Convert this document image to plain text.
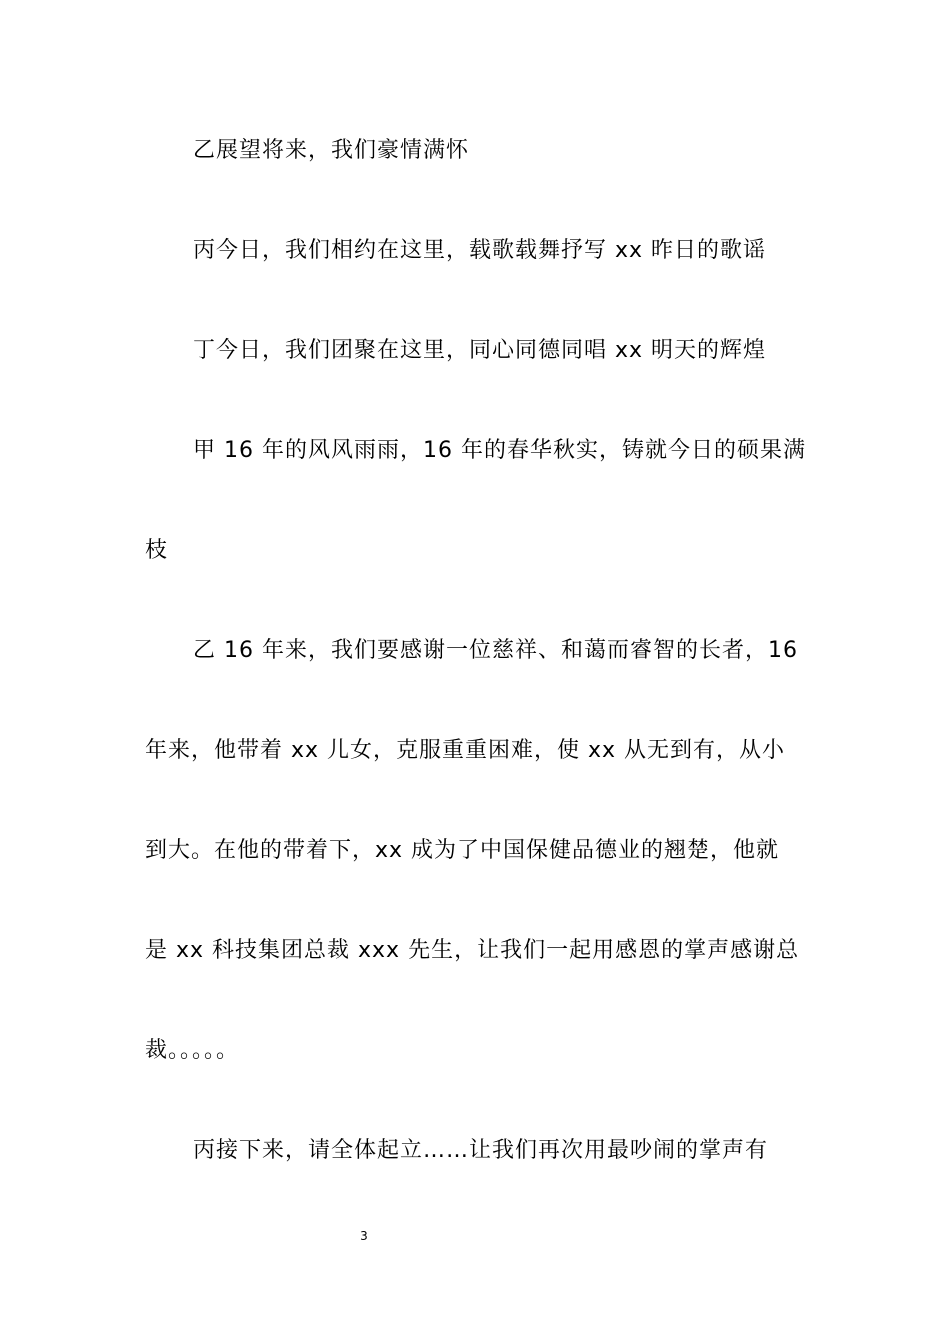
乙展望将来，我们豪情满怀
丙今日，我们相约在这里，载歌载舞抒写 xx 昨日的歌谣
丁今日，我们团聚在这里，同心同德同唱 xx 明天的辉煌
甲 16 年的风风雨雨，16 年的春华秋实，铸就今日的硕果满
枝
乙 16 年来，我们要感谢一位慈祥、和蔼而睿智的长者，16
年来，他带着 xx 儿女，克服重重困难，使 xx 从无到有，从小
到大。在他的带着下，xx 成为了中国保健品德业的翘楚，他就
是 xx 科技集团总裁 xxx 先生，让我们一起用感恩的掌声感谢总
裁。。。。。
丙接下来，请全体起立……让我们再次用最吵闹的掌声有
3
